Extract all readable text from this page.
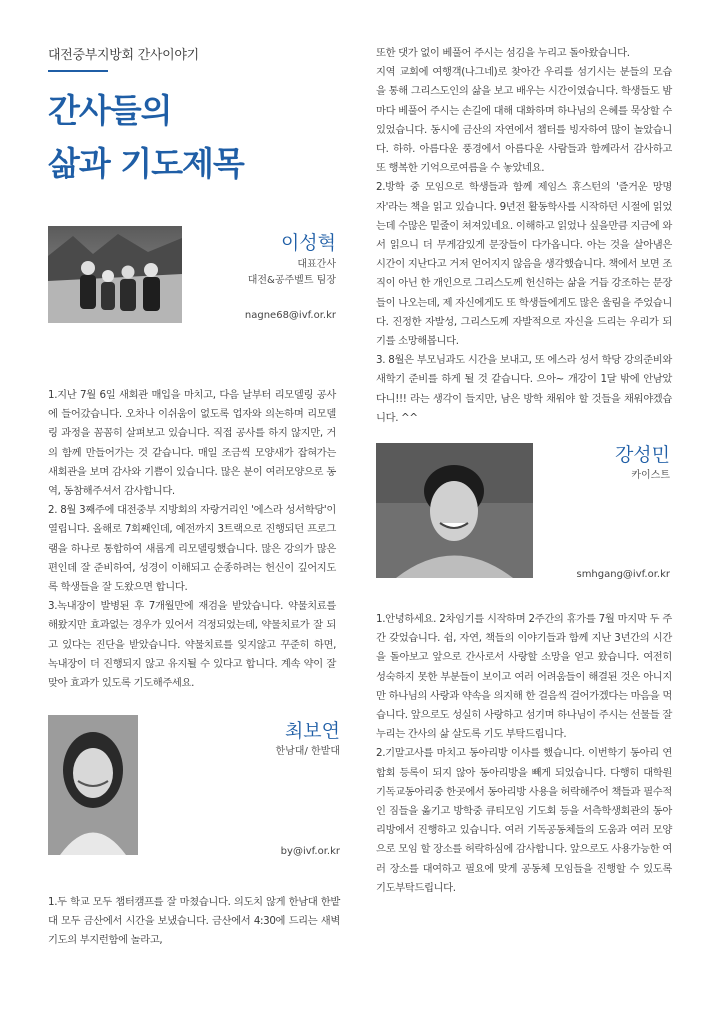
대전중부지방회 간사이야기
간사들의
삶과 기도제목
이성혁
대표간사
대전&공주벨트 팀장
nagne68@ivf.or.kr

1.지난 7월 6일 새회관 매입을 마치고, 다음 날부터 리모델링 공사에 들어갔습니다. 오차나 이쉬움이 없도록 업자와 의논하며 리모델링 과정을 꼼꼼히 살펴보고 있습니다. 직접 공사를 하지 않지만, 거의 함께 만들어가는 것 같습니다. 매일 조금씩 모양새가 잡혀가는 새회관을 보며 감사와 기쁨이 있습니다. 많은 분이 여러모양으로 동역, 동참해주셔서 감사합니다.

2. 8월 3째주에 대전중부 지방회의 자랑거리인 '에스라 성서학당'이 열립니다. 올해로 7회째인데, 예전까지 3트랙으로 진행되던 프로그램을 하나로 통합하여 새롭게 리모델링했습니다. 많은 강의가 많은 편인데 잘 준비하여, 성경이 이해되고 순종하려는 헌신이 깊어지도록 학생들을 잘 도왔으면 합니다.

3.녹내장이 발병된 후 7개월만에 재검을 받았습니다. 약물치료를 해왔지만 효과없는 경우가 있어서 걱정되었는데, 약물치료가 잘 되고 있다는 진단을 받았습니다. 약물치료를 잊지않고 꾸준히 하면, 녹내장이 더 진행되지 않고 유지될 수 있다고 합니다. 계속 약이 잘 맞아 효과가 있도록 기도해주세요.

최보연
한남대/ 한밭대
by@ivf.or.kr

1.두 학교 모두 챕터캠프를 잘 마쳤습니다. 의도치 않게 한남대 한밭대 모두 금산에서 시간을 보냈습니다. 금산에서 4:30에 드리는 새벽기도의 부지런함에 놀라고,

또한 댓가 없이 베풀어 주시는 섬김을 누리고 돌아왔습니다.

지역 교회에 여행객(나그네)로 찾아간 우리를 섬기시는 분들의 모습을 통해 그리스도인의 삶을 보고 배우는 시간이였습니다. 학생들도 밤마다 베풀어 주시는 손길에 대해 대화하며 하나님의 은혜를 묵상할 수 있었습니다. 동시에 금산의 자연에서 챕터를 빙자하여 많이 놀았습니다. 하하. 아름다운 풍경에서 아름다운 사람들과 함께라서 감사하고 또 행복한 기억으로여름을 수 놓았네요.

2.방학 중 모임으로 학생들과 함께 제임스 휴스턴의 '즐거운 망명자'라는 책을 읽고 있습니다. 9년전 활동학사를 시작하던 시절에 읽었는데 수많은 밑줄이 쳐져있네요. 이해하고 읽었나 싶을만큼 지금에 와서 읽으니 더 무게감있게 문장들이 다가옵니다. 아는 것을 살아냄은 시간이 지난다고 거저 얻어지지 않음을 생각했습니다. 책에서 보면 조직이 아닌 한 개인으로 그리스도께 헌신하는 삶을 거듭 강조하는 문장들이 나오는데, 제 자신에게도 또 학생들에게도 많은 울림을 주었습니다. 진정한 자발성, 그리스도께 자발적으로 자신을 드리는 우리가 되기를 소망해봅니다.

3. 8월은 부모님과도 시간을 보내고, 또 에스라 성서 학당 강의준비와 새학기 준비를 하게 될 것 같습니다. 으아~ 개강이 1달 밖에 안남았다니!!! 라는 생각이 들지만, 남은 방학 채워야 할 것들을 채워야겠습니다. ^^

강성민
카이스트
smhgang@ivf.or.kr

1.안녕하세요. 2차임기를 시작하며 2주간의 휴가를 7월 마지막 두 주간 갖었습니다. 쉼, 자연, 책들의 이야기들과 함께 지난 3년간의 시간을 돌아보고 앞으로 간사로서 사랑할 소망을 얻고 왔습니다. 여전히 성숙하지 못한 부분들이 보이고 여러 어려움들이 해결된 것은 아니지만 하나님의 사랑과 약속을 의지해 한 걸음씩 걸어가겠다는 마음을 먹습니다. 앞으로도 성실히 사랑하고 섬기며 하나님이 주시는 선물들 잘 누리는 간사의 삶 살도록 기도 부탁드립니다.

2.기말고사를 마치고 동아리방 이사를 했습니다. 이번학기 동아리 연합회 등록이 되지 않아 동아리방을 빼게 되었습니다. 다행히 대학원 기독교동아리중 한곳에서 동아리방 사용을 허락해주어 책들과 필수적인 짐들을 옮기고 방학중 큐티모임 기도회 등을 서측학생회관의 동아리방에서 진행하고 있습니다. 여러 기독공동체들의 도움과 여러 모양으로 모임 할 장소를 허락하심에 감사합니다. 앞으로도 사용가능한 여러 장소를 대여하고 필요에 맞게 공동체 모임들을 진행할 수 있도록 기도부탁드립니다.
